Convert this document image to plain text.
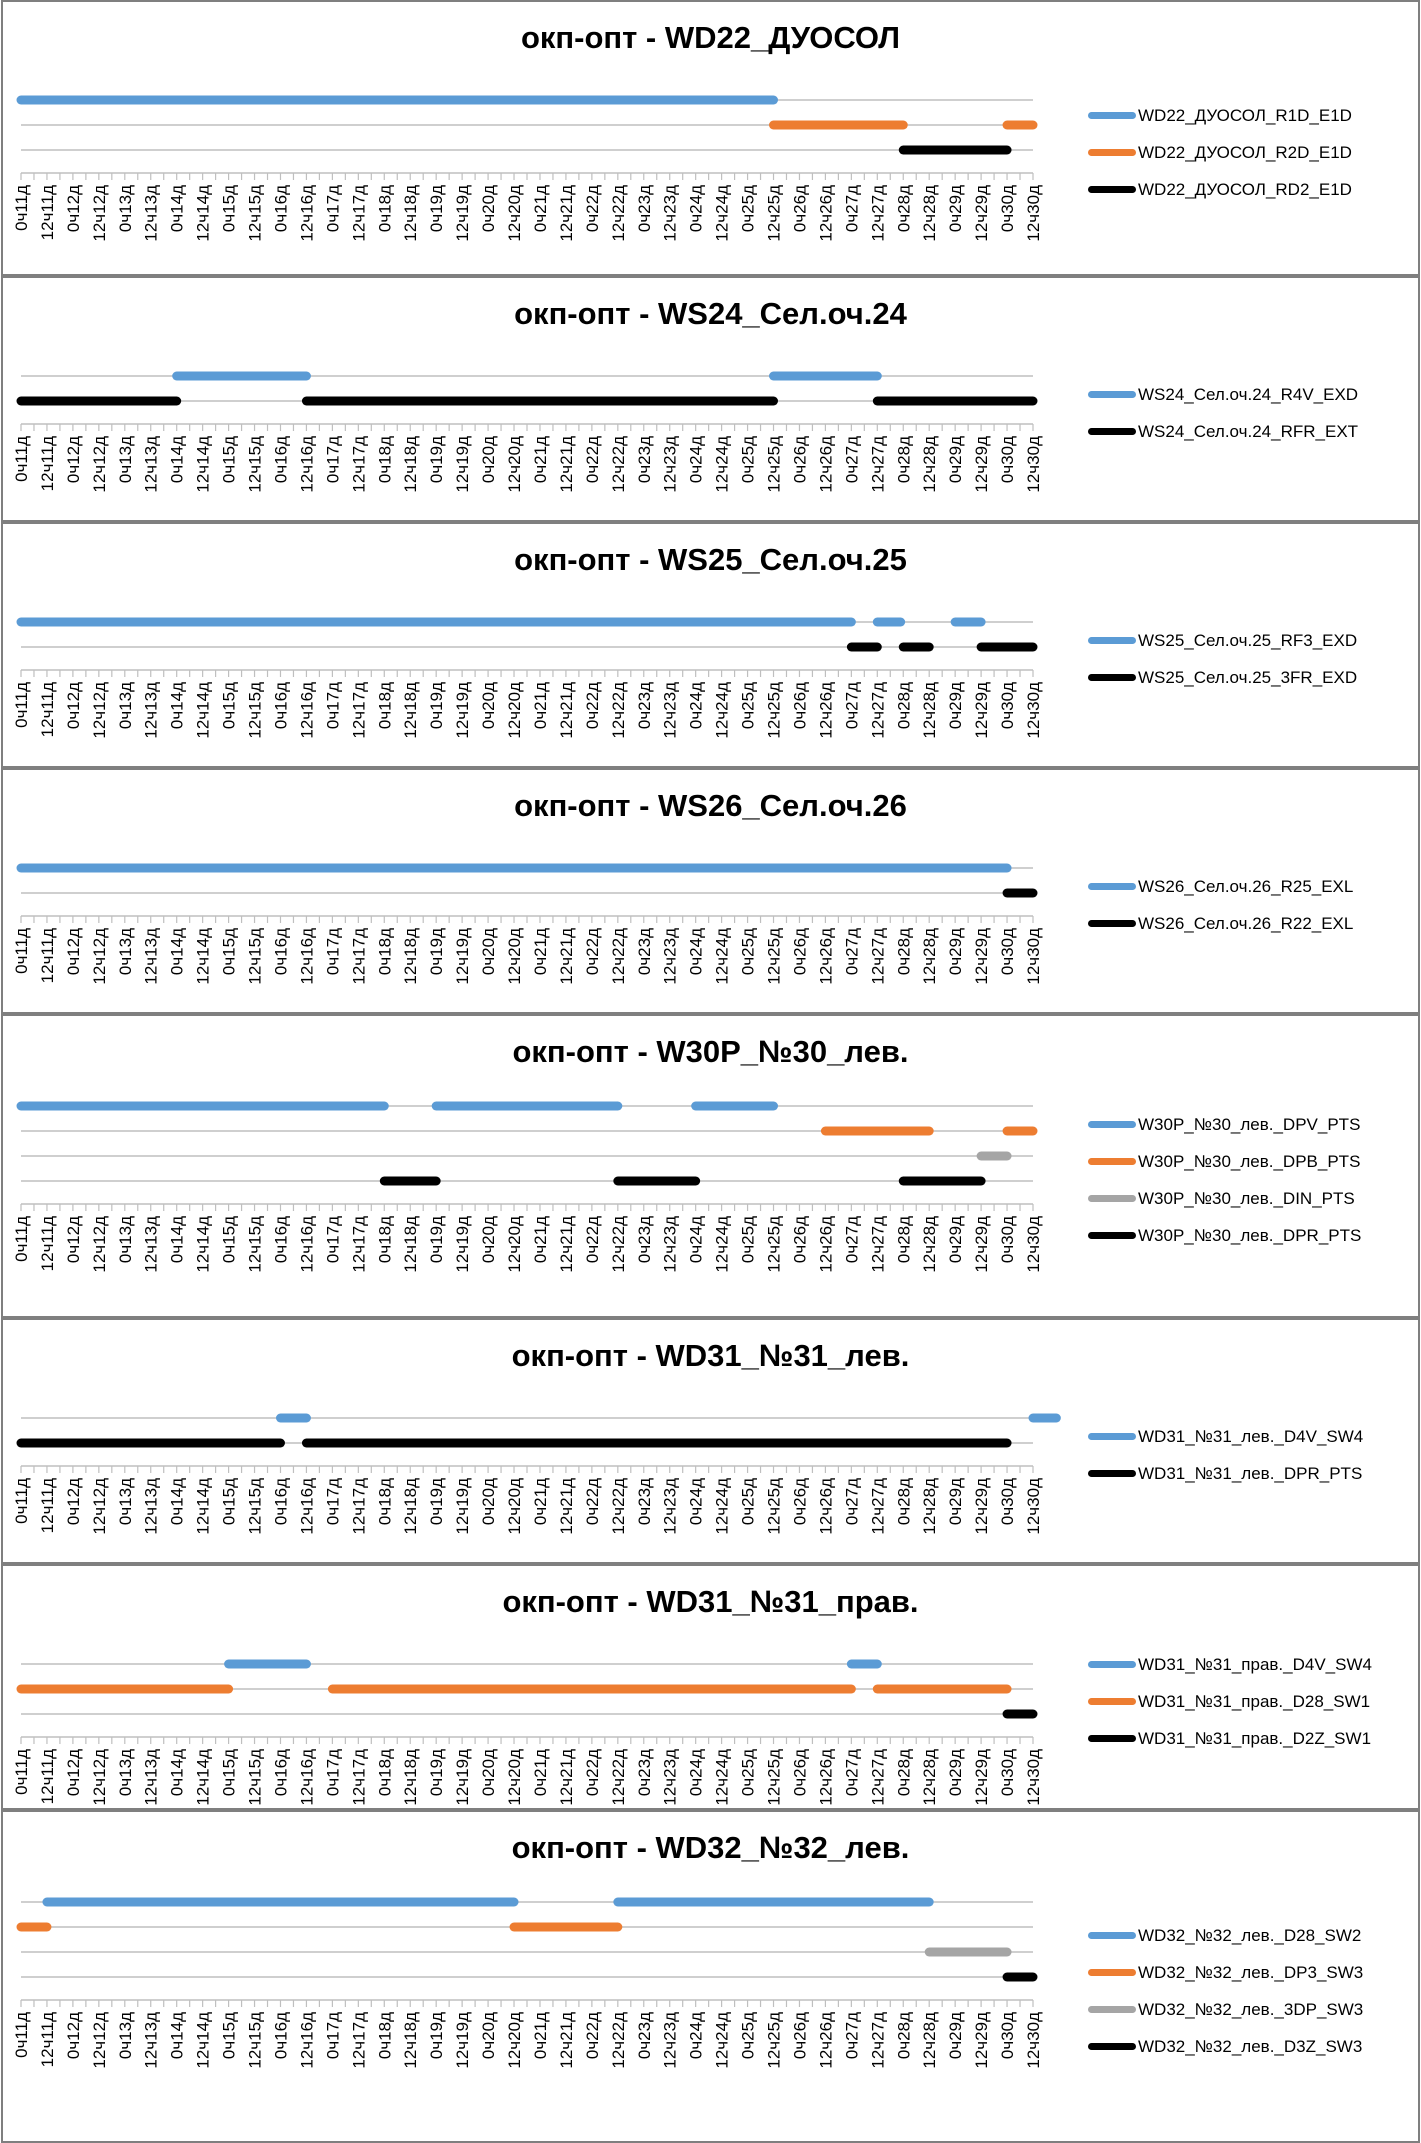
окп-опт - WD22_ДУОСОЛ
0ч11д 12ч11д 0ч12д 12ч12д 0ч13д 12ч13д 0ч14д 12ч14д 0ч15д 12ч15д 0ч16д 12ч16д 0ч17д 12ч17д 0ч18д 12ч18д 0ч19д 12ч19д 0ч20д 12ч20д 0ч21д 12ч21д 0ч22д 12ч22д 0ч23д 12ч23д 0ч24д 12ч24д 0ч25д 12ч25д 0ч26д 12ч26д 0ч27д 12ч27д 0ч28д 12ч28д 0ч29д 12ч29д 0ч30д 12ч30д
WD22_ДУОСОЛ_R1D_E1D
WD22_ДУОСОЛ_R2D_E1D
WD22_ДУОСОЛ_RD2_E1D
окп-опт - WS24_Сел.оч.24
0ч11д 12ч11д 0ч12д 12ч12д 0ч13д 12ч13д 0ч14д 12ч14д 0ч15д 12ч15д 0ч16д 12ч16д 0ч17д 12ч17д 0ч18д 12ч18д 0ч19д 12ч19д 0ч20д 12ч20д 0ч21д 12ч21д 0ч22д 12ч22д 0ч23д 12ч23д 0ч24д 12ч24д 0ч25д 12ч25д 0ч26д 12ч26д 0ч27д 12ч27д 0ч28д 12ч28д 0ч29д 12ч29д 0ч30д 12ч30д
WS24_Сел.оч.24_R4V_EXD
WS24_Сел.оч.24_RFR_EXT
окп-опт - WS25_Сел.оч.25
0ч11д 12ч11д 0ч12д 12ч12д 0ч13д 12ч13д 0ч14д 12ч14д 0ч15д 12ч15д 0ч16д 12ч16д 0ч17д 12ч17д 0ч18д 12ч18д 0ч19д 12ч19д 0ч20д 12ч20д 0ч21д 12ч21д 0ч22д 12ч22д 0ч23д 12ч23д 0ч24д 12ч24д 0ч25д 12ч25д 0ч26д 12ч26д 0ч27д 12ч27д 0ч28д 12ч28д 0ч29д 12ч29д 0ч30д 12ч30д
WS25_Сел.оч.25_RF3_EXD
WS25_Сел.оч.25_3FR_EXD
окп-опт - WS26_Сел.оч.26
0ч11д 12ч11д 0ч12д 12ч12д 0ч13д 12ч13д 0ч14д 12ч14д 0ч15д 12ч15д 0ч16д 12ч16д 0ч17д 12ч17д 0ч18д 12ч18д 0ч19д 12ч19д 0ч20д 12ч20д 0ч21д 12ч21д 0ч22д 12ч22д 0ч23д 12ч23д 0ч24д 12ч24д 0ч25д 12ч25д 0ч26д 12ч26д 0ч27д 12ч27д 0ч28д 12ч28д 0ч29д 12ч29д 0ч30д 12ч30д
WS26_Сел.оч.26_R25_EXL
WS26_Сел.оч.26_R22_EXL
окп-опт - W30P_№30_лев.
0ч11д 12ч11д 0ч12д 12ч12д 0ч13д 12ч13д 0ч14д 12ч14д 0ч15д 12ч15д 0ч16д 12ч16д 0ч17д 12ч17д 0ч18д 12ч18д 0ч19д 12ч19д 0ч20д 12ч20д 0ч21д 12ч21д 0ч22д 12ч22д 0ч23д 12ч23д 0ч24д 12ч24д 0ч25д 12ч25д 0ч26д 12ч26д 0ч27д 12ч27д 0ч28д 12ч28д 0ч29д 12ч29д 0ч30д 12ч30д
W30P_№30_лев._DPV_PTS
W30P_№30_лев._DPB_PTS
W30P_№30_лев._DIN_PTS
W30P_№30_лев._DPR_PTS
окп-опт - WD31_№31_лев.
0ч11д 12ч11д 0ч12д 12ч12д 0ч13д 12ч13д 0ч14д 12ч14д 0ч15д 12ч15д 0ч16д 12ч16д 0ч17д 12ч17д 0ч18д 12ч18д 0ч19д 12ч19д 0ч20д 12ч20д 0ч21д 12ч21д 0ч22д 12ч22д 0ч23д 12ч23д 0ч24д 12ч24д 0ч25д 12ч25д 0ч26д 12ч26д 0ч27д 12ч27д 0ч28д 12ч28д 0ч29д 12ч29д 0ч30д 12ч30д
WD31_№31_лев._D4V_SW4
WD31_№31_лев._DPR_PTS
окп-опт - WD31_№31_прав.
0ч11д 12ч11д 0ч12д 12ч12д 0ч13д 12ч13д 0ч14д 12ч14д 0ч15д 12ч15д 0ч16д 12ч16д 0ч17д 12ч17д 0ч18д 12ч18д 0ч19д 12ч19д 0ч20д 12ч20д 0ч21д 12ч21д 0ч22д 12ч22д 0ч23д 12ч23д 0ч24д 12ч24д 0ч25д 12ч25д 0ч26д 12ч26д 0ч27д 12ч27д 0ч28д 12ч28д 0ч29д 12ч29д 0ч30д 12ч30д
WD31_№31_прав._D4V_SW4
WD31_№31_прав._D28_SW1
WD31_№31_прав._D2Z_SW1
окп-опт - WD32_№32_лев.
0ч11д 12ч11д 0ч12д 12ч12д 0ч13д 12ч13д 0ч14д 12ч14д 0ч15д 12ч15д 0ч16д 12ч16д 0ч17д 12ч17д 0ч18д 12ч18д 0ч19д 12ч19д 0ч20д 12ч20д 0ч21д 12ч21д 0ч22д 12ч22д 0ч23д 12ч23д 0ч24д 12ч24д 0ч25д 12ч25д 0ч26д 12ч26д 0ч27д 12ч27д 0ч28д 12ч28д 0ч29д 12ч29д 0ч30д 12ч30д
WD32_№32_лев._D28_SW2
WD32_№32_лев._DP3_SW3
WD32_№32_лев._3DP_SW3
WD32_№32_лев._D3Z_SW3
